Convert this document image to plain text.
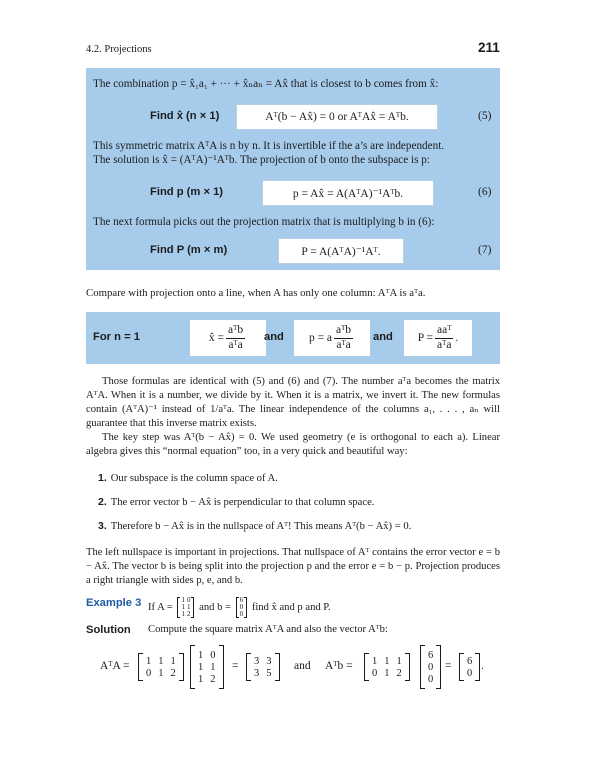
4.2. Projections	211
The combination p = x̂₁a₁ + ··· + x̂ₙaₙ = Ax̂ that is closest to b comes from x̂:
Find x̂ (n × 1)	Aᵀ(b − Ax̂) = 0 or AᵀAx̂ = Aᵀb.	(5)
This symmetric matrix AᵀA is n by n. It is invertible if the a’s are independent.
The solution is x̂ = (AᵀA)⁻¹Aᵀb. The projection of b onto the subspace is p:
Find p (m × 1)	p = Ax̂ = A(AᵀA)⁻¹Aᵀb.	(6)
The next formula picks out the projection matrix that is multiplying b in (6):
Find P (m × m)	P = A(AᵀA)⁻¹Aᵀ.	(7)
Compare with projection onto a line, when A has only one column: AᵀA is aᵀa.
For n = 1	x̂ = $\frac{\text{aᵀb}}{\text{aᵀa}}$ and p = a $\frac{\text{aᵀb}}{\text{aᵀa}}$ and $P = \frac{\text{aaᵀ}}{\text{aᵀa}}$ .
Those formulas are identical with (5) and (6) and (7). The number aᵀa becomes the matrix AᵀA. When it is a number, we divide by it. When it is a matrix, we invert it. The new formulas contain (AᵀA)⁻¹ instead of 1/aᵀa. The linear independence of the columns a₁, . . . , aₙ will guarantee that this inverse matrix exists.
The key step was Aᵀ(b − Ax̂) = 0. We used geometry (e is orthogonal to each a). Linear algebra gives this “normal equation” too, in a very quick and beautiful way:
1. Our subspace is the column space of A.
2. The error vector b − Ax̂ is perpendicular to that column space.
3. Therefore b − Ax̂ is in the nullspace of Aᵀ! This means Aᵀ(b − Ax̂) = 0.
The left nullspace is important in projections. That nullspace of Aᵀ contains the error vector e = b − Ax̂. The vector b is being split into the projection p and the error e = b − p. Projection produces a right triangle with sides p, e, and b.
Example 3 If A =
1 0
1 1
1 2
and b =
6
0
0
find x̂ and p and P.
Solution Compute the square matrix AᵀA and also the vector Aᵀb:
AᵀA = 1 1 1
0 1 2
1 0
1 1
1 2
= 3 3
3 5
and Aᵀb = 1 1 1
0 1 2
6
0
0
= 6
0
.
